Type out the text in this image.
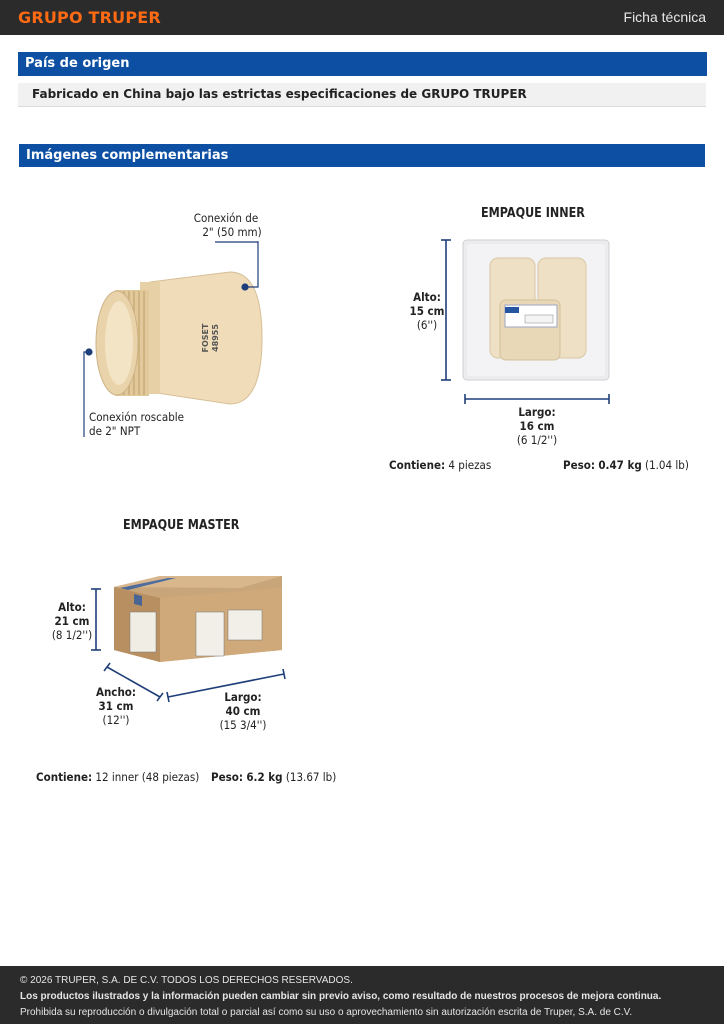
GRUPO TRUPER	Ficha técnica
País de origen
Fabricado en China bajo las estrictas especificaciones de GRUPO TRUPER
Imágenes complementarias
FOSET 48955
Conexión de
2" (50 mm)
Conexión roscable
de 2" NPT
EMPAQUE INNER
Alto:
15 cm
(6'')
Largo:
16 cm
(6 1/2'')
Contiene: 4 piezas	Peso: 0.47 kg (1.04 lb)
EMPAQUE MASTER
Alto:
21 cm
(8 1/2'')
Ancho:
31 cm
(12'')
Largo:
40 cm
(15 3/4'')
Contiene: 12 inner (48 piezas) Peso: 6.2 kg (13.67 lb)
© 2026 TRUPER, S.A. DE C.V. TODOS LOS DERECHOS RESERVADOS.
Los productos ilustrados y la información pueden cambiar sin previo aviso, como resultado de nuestros procesos de mejora continua.
Prohibida su reproducción o divulgación total o parcial así como su uso o aprovechamiento sin autorización escrita de Truper, S.A. de C.V.
